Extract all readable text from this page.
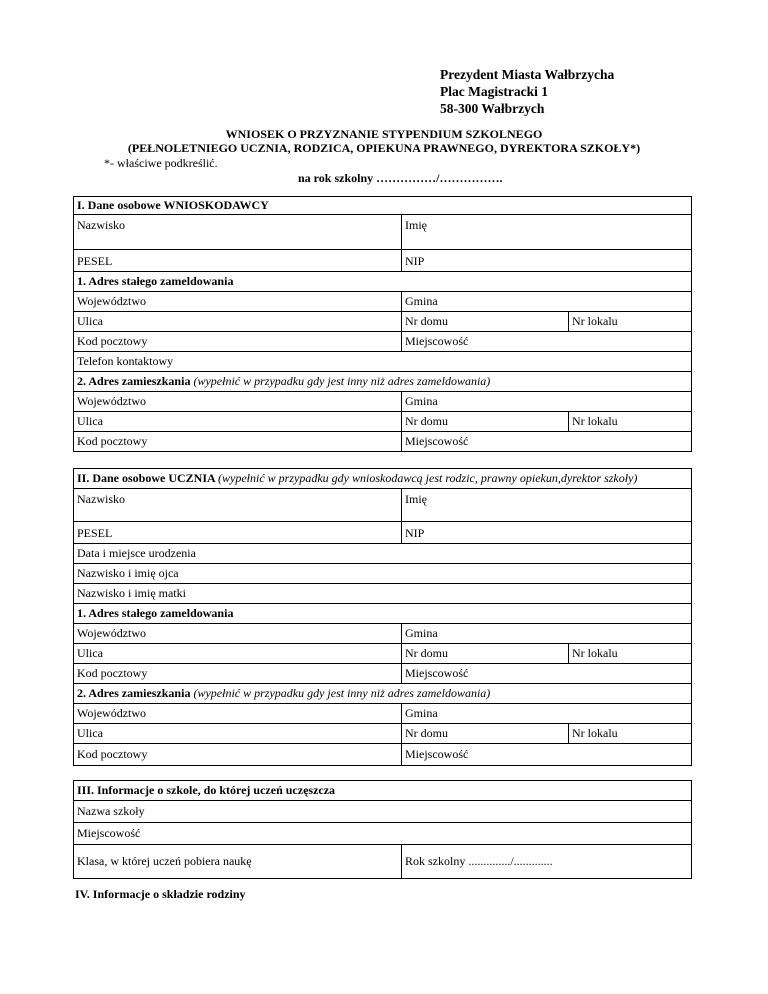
Prezydent Miasta Wałbrzycha
Plac Magistracki 1
58-300 Wałbrzych
WNIOSEK O PRZYZNANIE STYPENDIUM SZKOLNEGO
(PEŁNOLETNIEGO UCZNIA, RODZICA, OPIEKUNA PRAWNEGO, DYREKTORA SZKOŁY*)
*- właściwe podkreślić.
na rok szkolny ……………/…………….
I. Dane osobowe WNIOSKODAWCY		
Nazwisko	Imię	
PESEL	NIP	
1. Adres stałego zameldowania		
Województwo	Gmina	
Ulica	Nr domu	Nr lokalu
Kod pocztowy	Miejscowość	
Telefon kontaktowy		
2. Adres zamieszkania (wypełnić w przypadku gdy jest inny niż adres zameldowania)		
Województwo	Gmina	
Ulica	Nr domu	Nr lokalu
Kod pocztowy	Miejscowość	
II. Dane osobowe UCZNIA (wypełnić w przypadku gdy wnioskodawcą jest rodzic, prawny opiekun,dyrektor szkoły)		
Nazwisko	Imię	
PESEL	NIP	
Data i miejsce urodzenia		
Nazwisko i imię ojca		
Nazwisko i imię matki		
1. Adres stałego zameldowania		
Województwo	Gmina	
Ulica	Nr domu	Nr lokalu
Kod pocztowy	Miejscowość	
2. Adres zamieszkania (wypełnić w przypadku gdy jest inny niż adres zameldowania)		
Województwo	Gmina	
Ulica	Nr domu	Nr lokalu
Kod pocztowy	Miejscowość	
III. Informacje o szkole, do której uczeń uczęszcza
Nazwa szkoły
Miejscowość
Klasa, w której uczeń pobiera naukę	Rok szkolny ............../.............
IV. Informacje o składzie rodziny
